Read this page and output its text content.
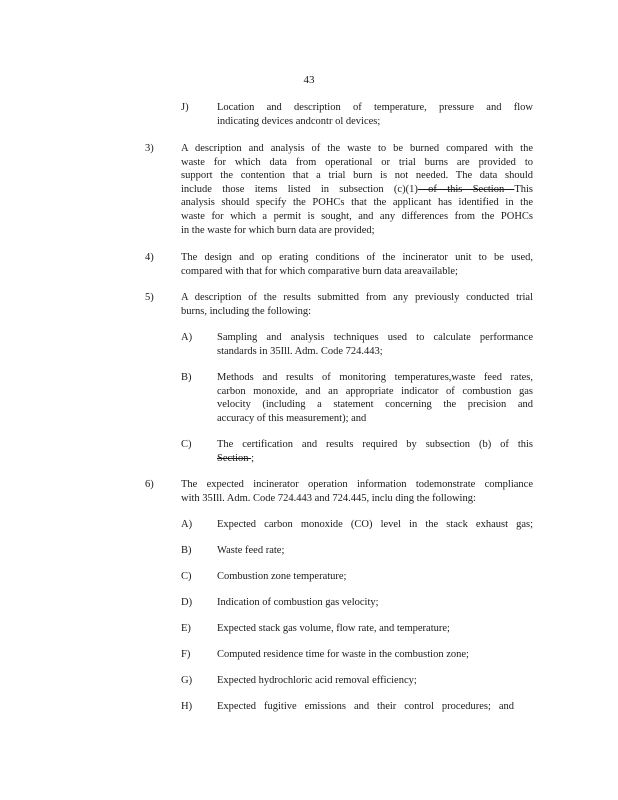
43
J)	Location and description of temperature, pressure and flow
indicating devices andcontr ol devices;
3)	A description and analysis of the waste to be burned compared with the
waste for which data from operational or trial burns are provided to
support the contention that a trial burn is not needed. The data should
include those items listed in subsection (c)(1) of this Section This
analysis should specify the POHCs that the applicant has identified in the
waste for which a permit is sought, and any differences from the POHCs
in the waste for which burn data are provided;
4)	The design and op erating conditions of the incinerator unit to be used,
compared with that for which comparative burn data areavailable;
5)	A description of the results submitted from any previously conducted trial
burns, including the following:
A) Sampling and analysis techniques used to calculate performance
standards in 35Ill. Adm. Code 724.443;
B) Methods and results of monitoring temperatures,waste feed rates,
carbon monoxide, and an appropriate indicator of combustion gas
velocity (including a statement concerning the precision and
accuracy of this measurement); and
C) The certification and results required by subsection (b) of this
Section ;
6)	The expected incinerator operation information todemonstrate compliance
with 35Ill. Adm. Code 724.443 and 724.445, inclu ding the following:
A) Expected carbon monoxide (CO) level in the stack exhaust gas;
B) Waste feed rate;
C) Combustion zone temperature;
D) Indication of combustion gas velocity;
E) Expected stack gas volume, flow rate, and temperature;
F)	Computed residence time for waste in the combustion zone;
G) Expected hydrochloric acid removal efficiency;
H) Expected fugitive emissions and their control procedures; and
